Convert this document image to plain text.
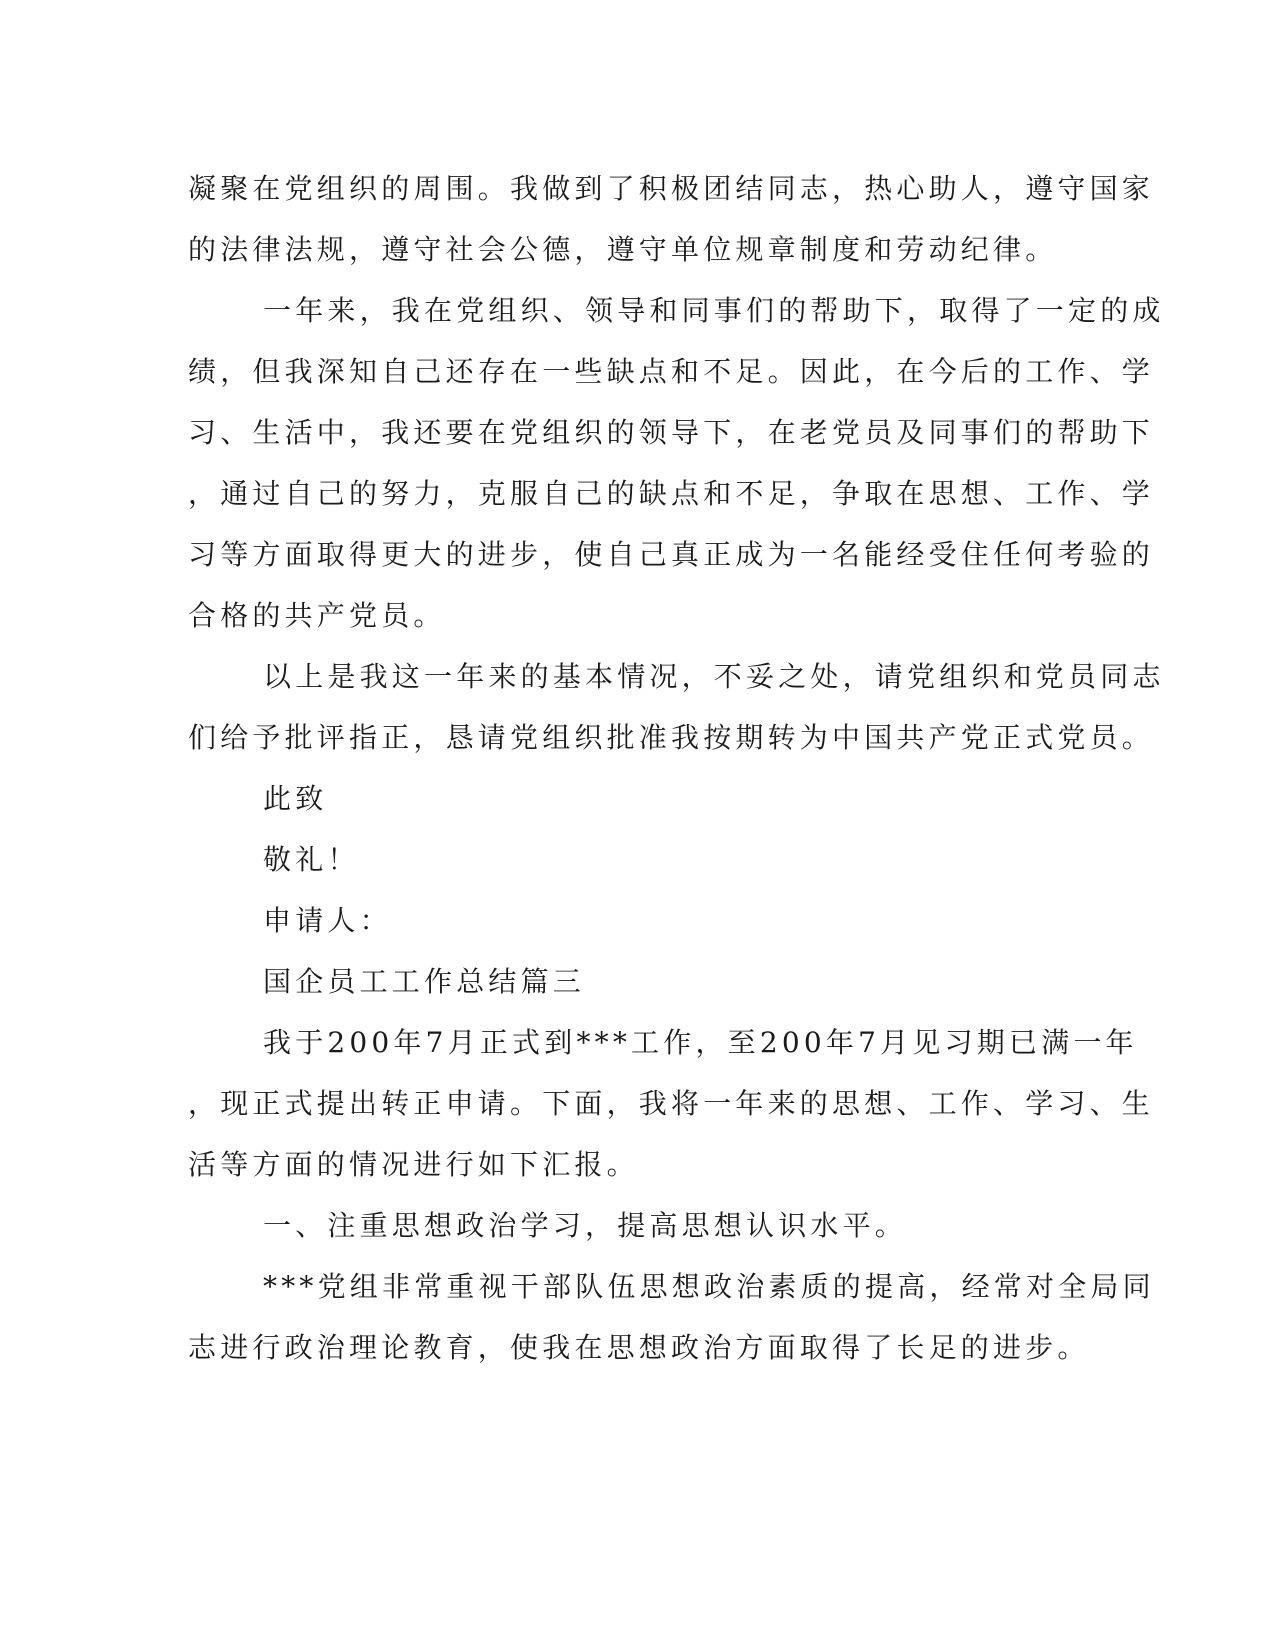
凝聚在党组织的周围。我做到了积极团结同志，热心助人，遵守国家
的法律法规，遵守社会公德，遵守单位规章制度和劳动纪律。
一年来，我在党组织、领导和同事们的帮助下，取得了一定的成
绩，但我深知自己还存在一些缺点和不足。因此，在今后的工作、学
习、生活中，我还要在党组织的领导下，在老党员及同事们的帮助下
，通过自己的努力，克服自己的缺点和不足，争取在思想、工作、学
习等方面取得更大的进步，使自己真正成为一名能经受住任何考验的
合格的共产党员。
以上是我这一年来的基本情况，不妥之处，请党组织和党员同志
们给予批评指正，恳请党组织批准我按期转为中国共产党正式党员。
此致
敬礼！
申请人：
国企员工工作总结篇三
我于200年7月正式到***工作，至200年7月见习期已满一年
，现正式提出转正申请。下面，我将一年来的思想、工作、学习、生
活等方面的情况进行如下汇报。
一、注重思想政治学习，提高思想认识水平。
***党组非常重视干部队伍思想政治素质的提高，经常对全局同
志进行政治理论教育，使我在思想政治方面取得了长足的进步。
